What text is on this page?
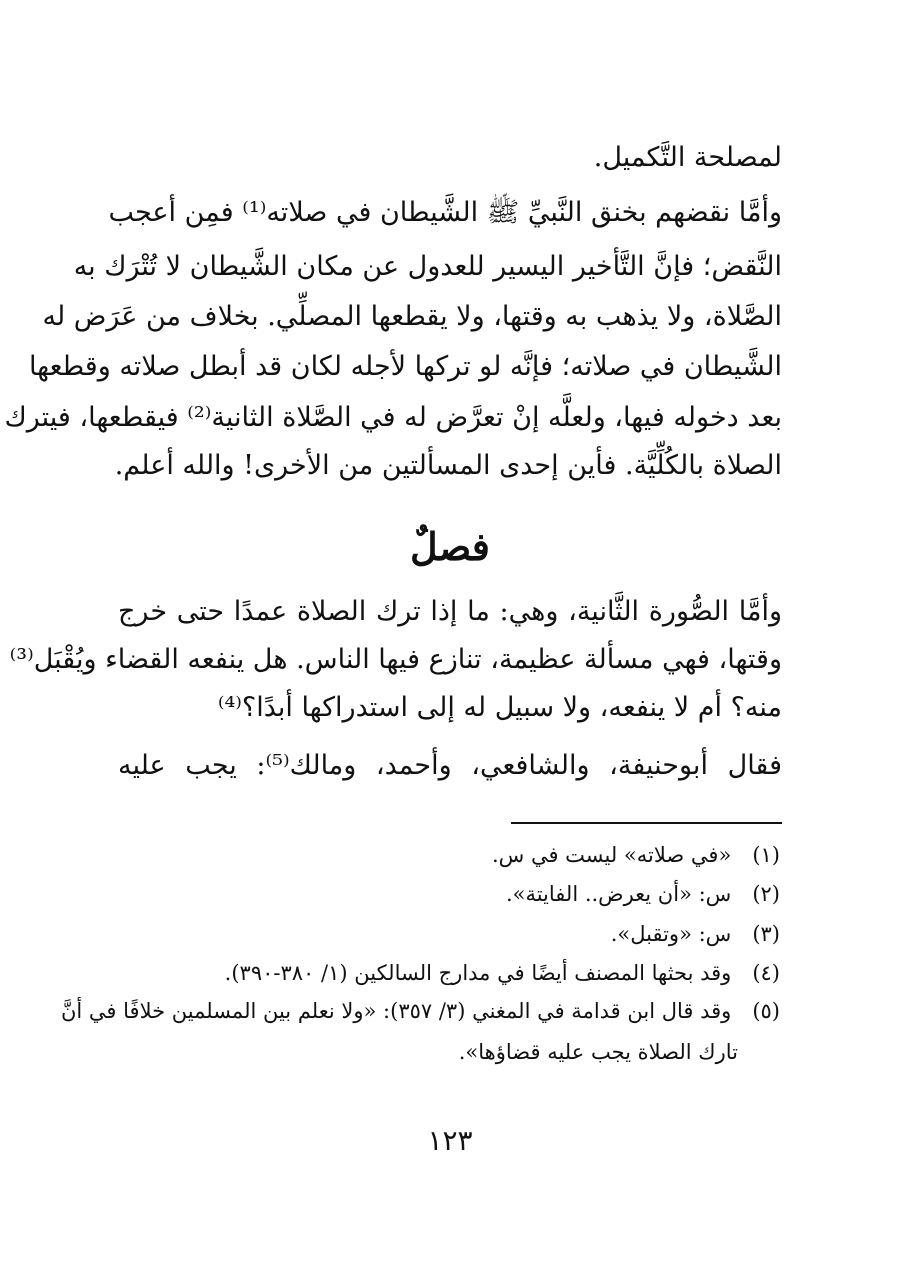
لمصلحة التَّكميل.
وأمَّا نقضهم بخنق النَّبيِّ ﷺ الشَّيطان في صلاته⁽¹⁾ فمِن أعجب
النَّقض؛ فإنَّ التَّأخير اليسير للعدول عن مكان الشَّيطان لا تُتْرَك به
الصَّلاة، ولا يذهب به وقتها، ولا يقطعها المصلِّي. بخلاف من عَرَض له
الشَّيطان في صلاته؛ فإنَّه لو تركها لأجله لكان قد أبطل صلاته وقطعها
بعد دخوله فيها، ولعلَّه إنْ تعرَّض له في الصَّلاة الثانية⁽²⁾ فيقطعها، فيترك
الصلاة بالكُلِّيَّة. فأين إحدى المسألتين من الأخرى! والله أعلم.
فصلٌ
وأمَّا الصُّورة الثَّانية، وهي: ما إذا ترك الصلاة عمدًا حتى خرج
وقتها، فهي مسألة عظيمة، تنازع فيها الناس. هل ينفعه القضاء ويُقْبَل⁽³⁾
منه؟ أم لا ينفعه، ولا سبيل له إلى استدراكها أبدًا؟⁽⁴⁾
فقال أبوحنيفة، والشافعي، وأحمد، ومالك⁽⁵⁾: يجب عليه
(١) «في صلاته» ليست في س.
(٢) س: «أن يعرض.. الفايتة».
(٣) س: «وتقبل».
(٤) وقد بحثها المصنف أيضًا في مدارج السالكين (١/ ٣٨٠-٣٩٠).
(٥) وقد قال ابن قدامة في المغني (٣/ ٣٥٧): «ولا نعلم بين المسلمين خلافًا في أنَّ
تارك الصلاة يجب عليه قضاؤها».
١٢٣
